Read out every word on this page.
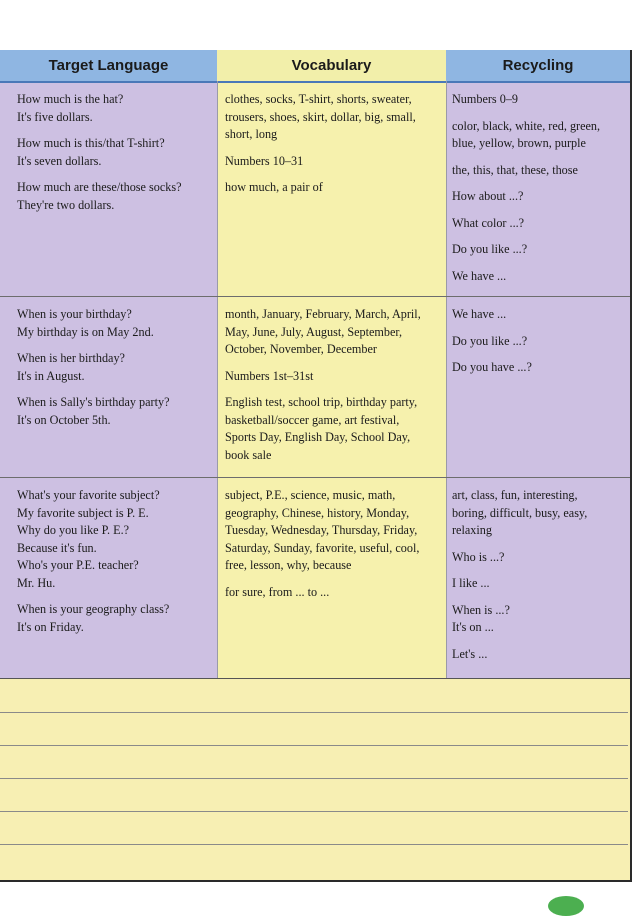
Target Language	Vocabulary	Recycling
How much is the hat?
It's five dollars.
How much is this/that T-shirt?
It's seven dollars.
How much are these/those socks?
They're two dollars.
clothes, socks, T-shirt, shorts, sweater,
trousers, shoes, skirt, dollar, big, small,
short, long
Numbers 10–31
how much, a pair of
Numbers 0–9
color, black, white, red, green,
blue, yellow, brown, purple
the, this, that, these, those
How about ...?
What color ...?
Do you like ...?
We have ...
When is your birthday?
My birthday is on May 2nd.
When is her birthday?
It's in August.
When is Sally's birthday party?
It's on October 5th.
month, January, February, March, April,
May, June, July, August, September,
October, November, December
Numbers 1st–31st
English test, school trip, birthday party,
basketball/soccer game, art festival,
Sports Day, English Day, School Day,
book sale
We have ...
Do you like ...?
Do you have ...?
What's your favorite subject?
My favorite subject is P. E.
Why do you like P. E.?
Because it's fun.
Who's your P.E. teacher?
Mr. Hu.
When is your geography class?
It's on Friday.
subject, P.E., science, music, math,
geography, Chinese, history, Monday,
Tuesday, Wednesday, Thursday, Friday,
Saturday, Sunday, favorite, useful, cool,
free, lesson, why, because
for sure, from ... to ...
art, class, fun, interesting,
boring, difficult, busy, easy,
relaxing
Who is ...?
I like ...
When is ...?
It's on ...
Let's ...
